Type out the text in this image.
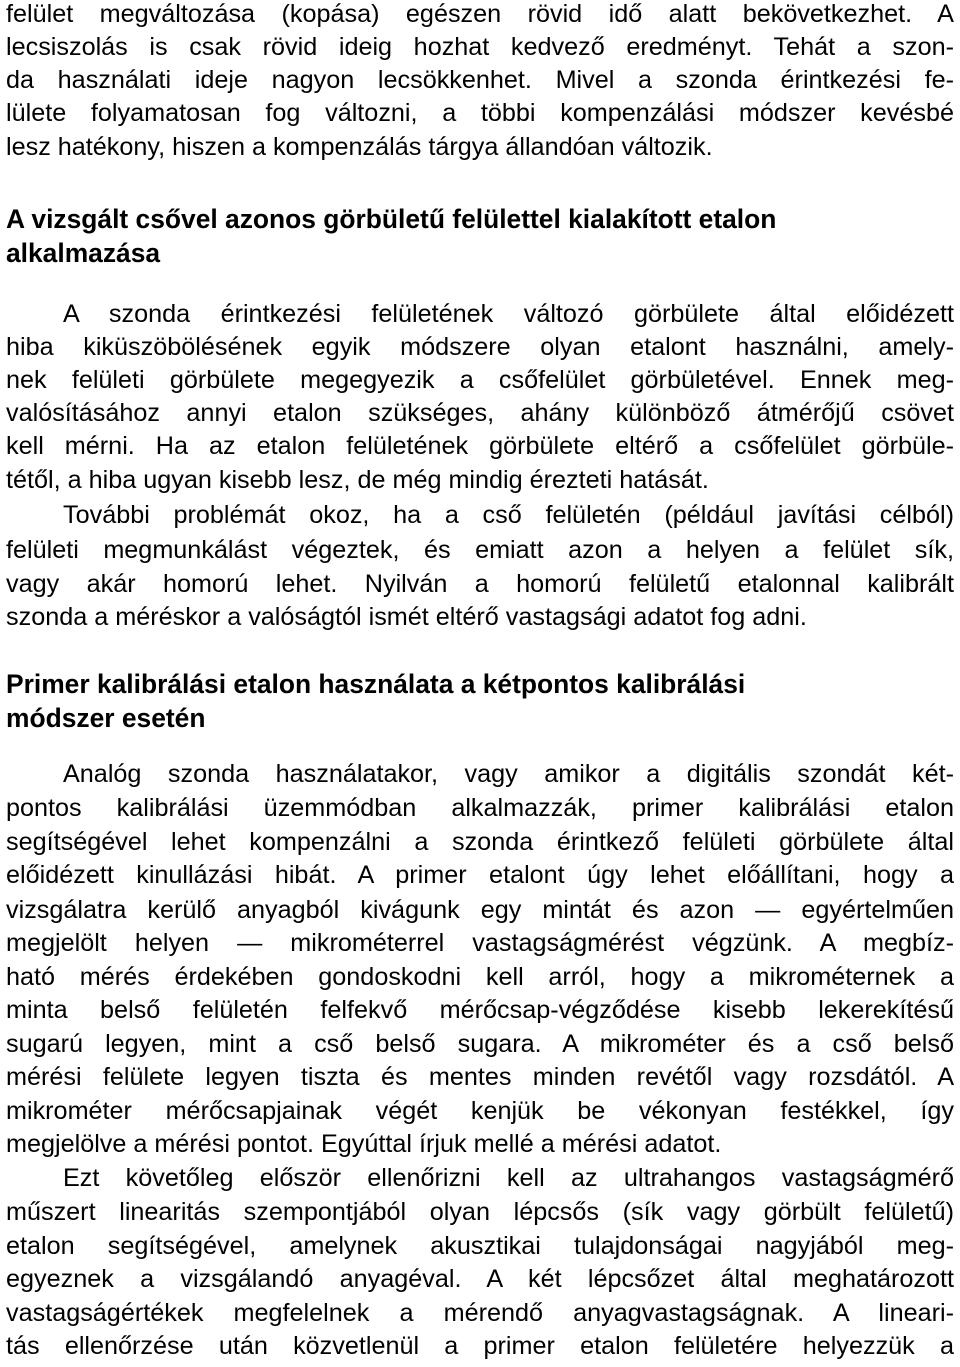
felület megváltozása (kopása) egészen rövid idő alatt bekövetkezhet. A
lecsiszolás is csak rövid ideig hozhat kedvező eredményt. Tehát a szon-
da használati ideje nagyon lecsökkenhet. Mivel a szonda érintkezési fe-
lülete folyamatosan fog változni, a többi kompenzálási módszer kevésbé
lesz hatékony, hiszen a kompenzálás tárgya állandóan változik.
A vizsgált csővel azonos görbületű felülettel kialakított etalon
alkalmazása
A szonda érintkezési felületének változó görbülete által előidézett
hiba kiküszöbölésének egyik módszere olyan etalont használni, amely-
nek felületi görbülete megegyezik a csőfelület görbületével. Ennek meg-
valósításához annyi etalon szükséges, ahány különböző átmérőjű csövet
kell mérni. Ha az etalon felületének görbülete eltérő a csőfelület görbüle-
tétől, a hiba ugyan kisebb lesz, de még mindig érezteti hatását.
További problémát okoz, ha a cső felületén (például javítási célból)
felületi megmunkálást végeztek, és emiatt azon a helyen a felület sík,
vagy akár homorú lehet. Nyilván a homorú felületű etalonnal kalibrált
szonda a méréskor a valóságtól ismét eltérő vastagsági adatot fog adni.
Primer kalibrálási etalon használata a kétpontos kalibrálási
módszer esetén
Analóg szonda használatakor, vagy amikor a digitális szondát két-
pontos kalibrálási üzemmódban alkalmazzák, primer kalibrálási etalon
segítségével lehet kompenzálni a szonda érintkező felületi görbülete által
előidézett kinullázási hibát. A primer etalont úgy lehet előállítani, hogy a
vizsgálatra kerülő anyagból kivágunk egy mintát és azon — egyértelműen
megjelölt helyen — mikrométerrel vastagságmérést végzünk. A megbíz-
ható mérés érdekében gondoskodni kell arról, hogy a mikrométernek a
minta belső felületén felfekvő mérőcsap-végződése kisebb lekerekítésű
sugarú legyen, mint a cső belső sugara. A mikrométer és a cső belső
mérési felülete legyen tiszta és mentes minden revétől vagy rozsdától. A
mikrométer mérőcsapjainak végét kenjük be vékonyan festékkel, így
megjelölve a mérési pontot. Egyúttal írjuk mellé a mérési adatot.
Ezt követőleg először ellenőrizni kell az ultrahangos vastagságmérő
műszert linearitás szempontjából olyan lépcsős (sík vagy görbült felületű)
etalon segítségével, amelynek akusztikai tulajdonságai nagyjából meg-
egyeznek a vizsgálandó anyagéval. A két lépcsőzet által meghatározott
vastagságértékek megfelelnek a mérendő anyagvastagságnak. A lineari-
tás ellenőrzése után közvetlenül a primer etalon felületére helyezzük a
